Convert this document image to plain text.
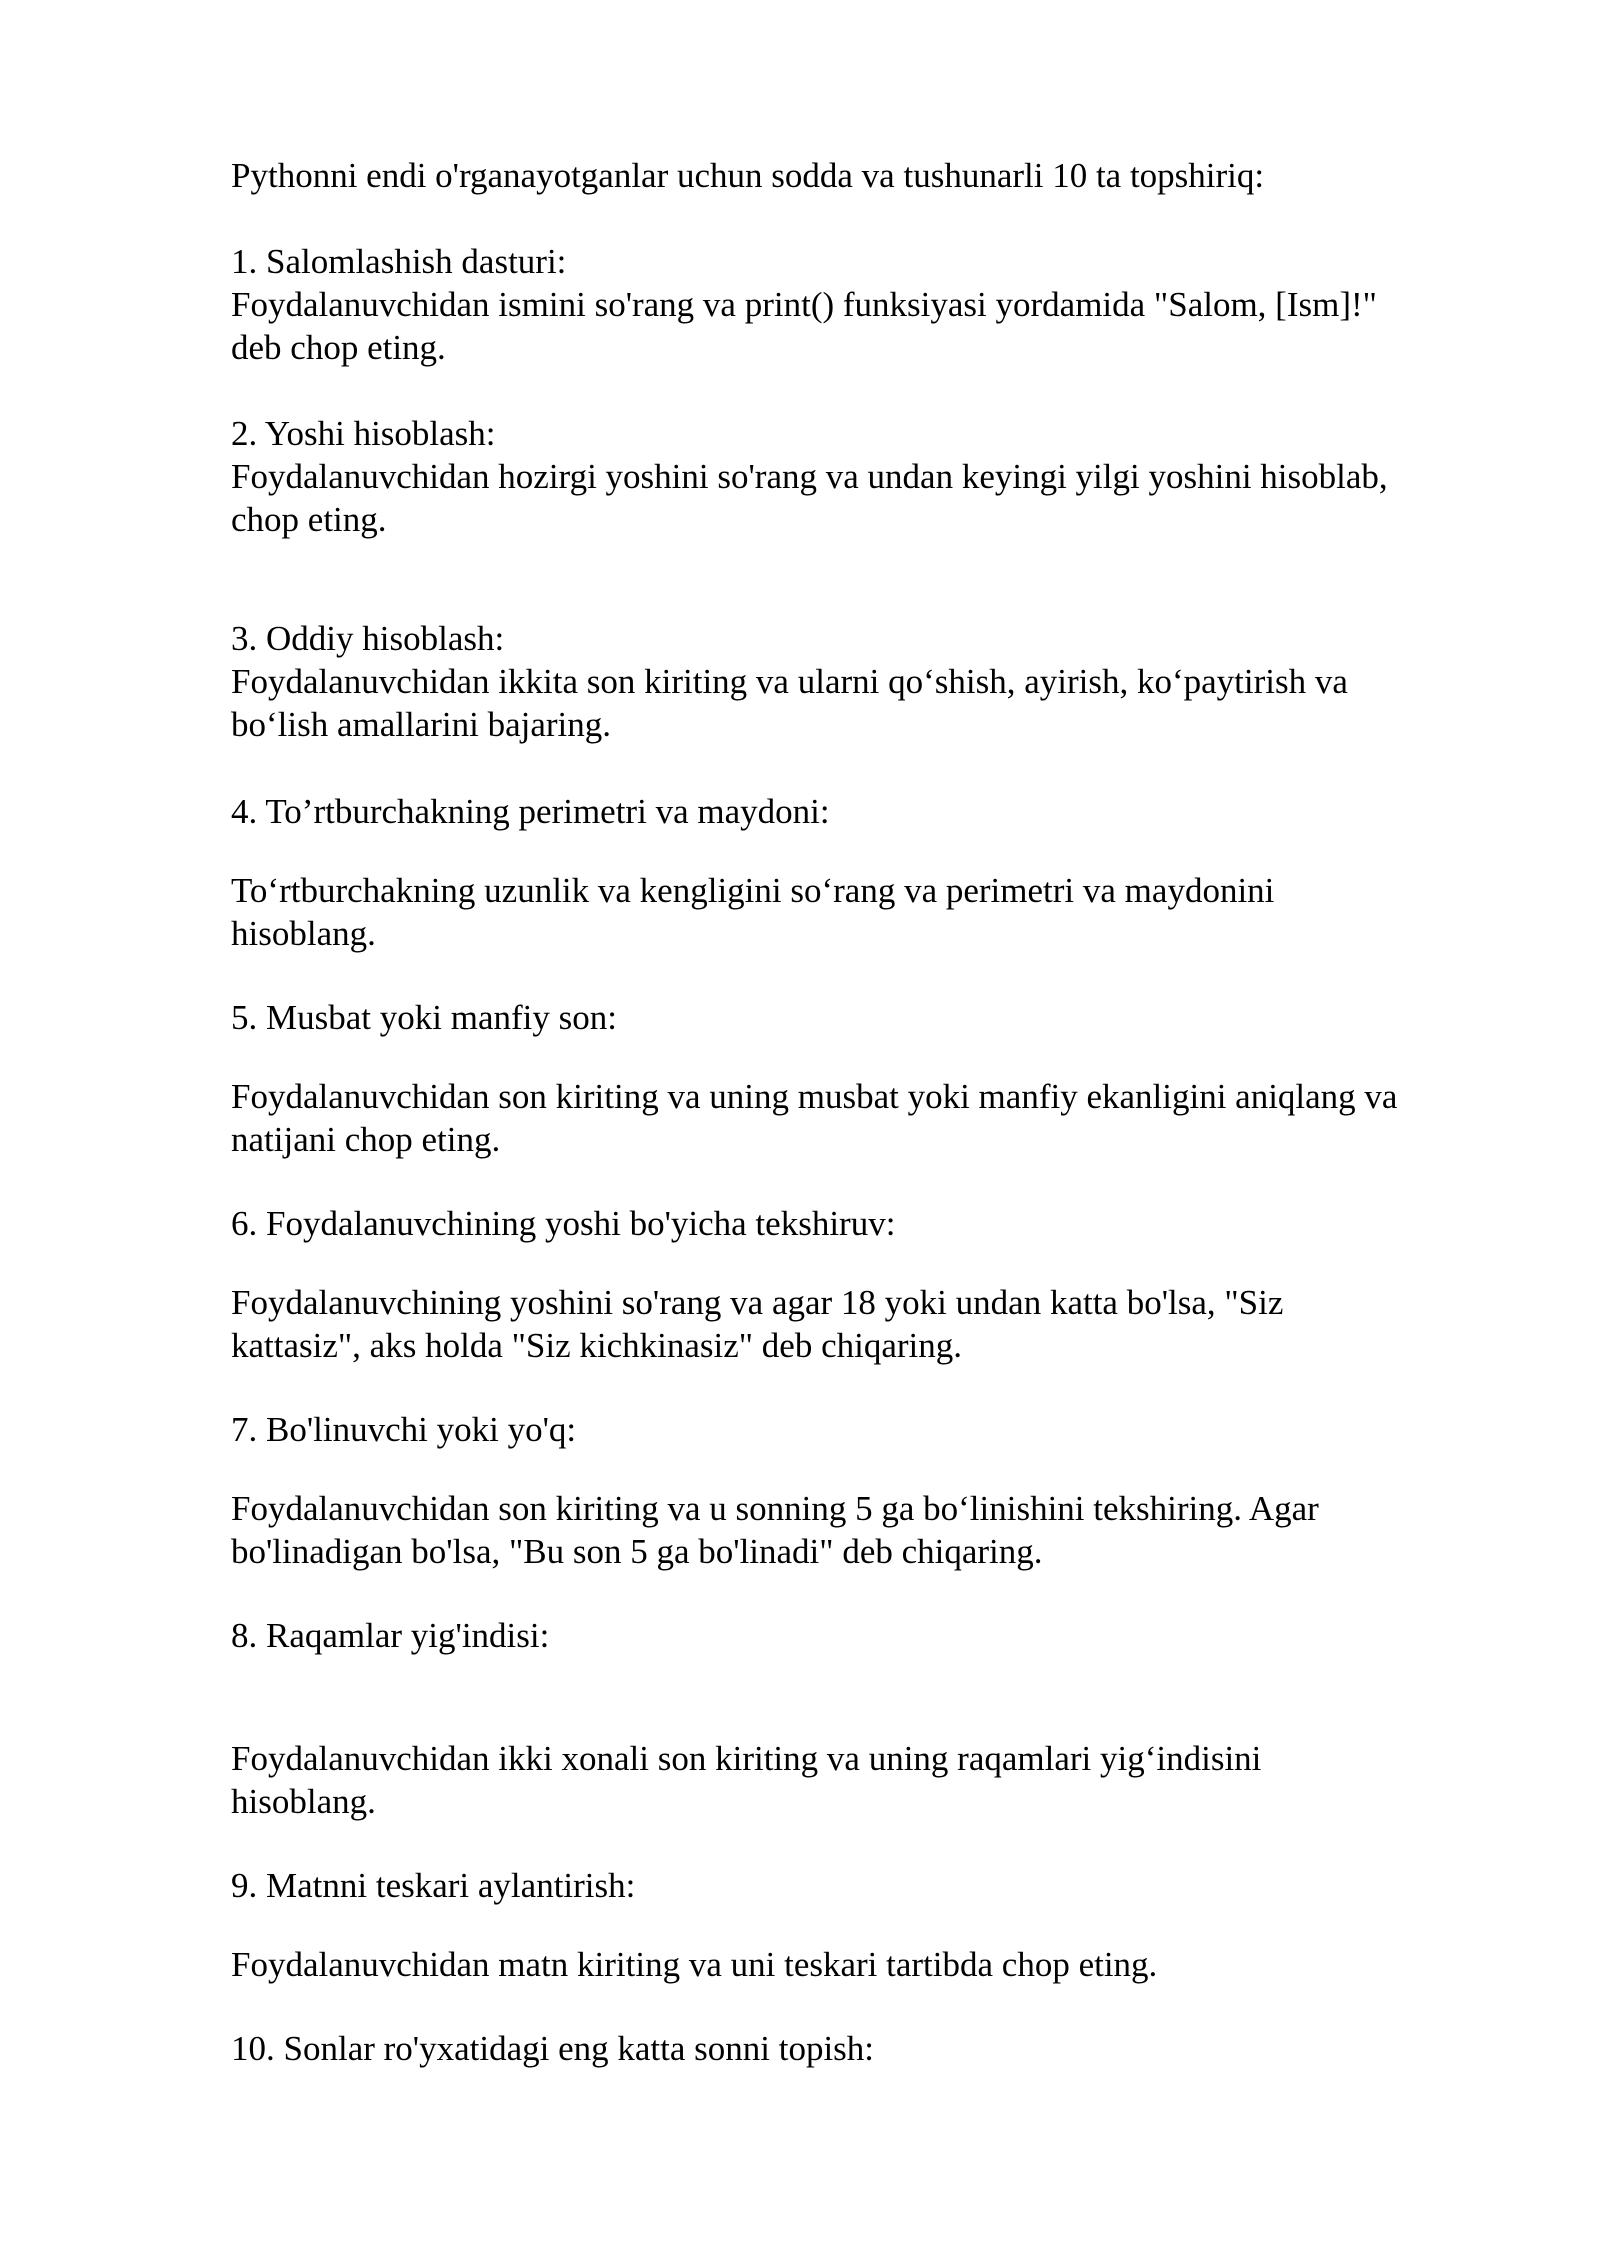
Pythonni endi o'rganayotganlar uchun sodda va tushunarli 10 ta topshiriq:

1. Salomlashish dasturi:

Foydalanuvchidan ismini so'rang va print() funksiyasi yordamida "Salom, [Ism]!"

deb chop eting.

2. Yoshi hisoblash:

Foydalanuvchidan hozirgi yoshini so'rang va undan keyingi yilgi yoshini hisoblab,

chop eting.

3. Oddiy hisoblash:

Foydalanuvchidan ikkita son kiriting va ularni qo‘shish, ayirish, ko‘paytirish va

bo‘lish amallarini bajaring.

4. To’rtburchakning perimetri va maydoni:

To‘rtburchakning uzunlik va kengligini so‘rang va perimetri va maydonini

hisoblang.

5. Musbat yoki manfiy son:

Foydalanuvchidan son kiriting va uning musbat yoki manfiy ekanligini aniqlang va

natijani chop eting.

6. Foydalanuvchining yoshi bo'yicha tekshiruv:

Foydalanuvchining yoshini so'rang va agar 18 yoki undan katta bo'lsa, "Siz

kattasiz", aks holda "Siz kichkinasiz" deb chiqaring.

7. Bo'linuvchi yoki yo'q:

Foydalanuvchidan son kiriting va u sonning 5 ga bo‘linishini tekshiring. Agar

bo'linadigan bo'lsa, "Bu son 5 ga bo'linadi" deb chiqaring.

8. Raqamlar yig'indisi:

Foydalanuvchidan ikki xonali son kiriting va uning raqamlari yig‘indisini

hisoblang.

9. Matnni teskari aylantirish:

Foydalanuvchidan matn kiriting va uni teskari tartibda chop eting.

10. Sonlar ro'yxatidagi eng katta sonni topish:
